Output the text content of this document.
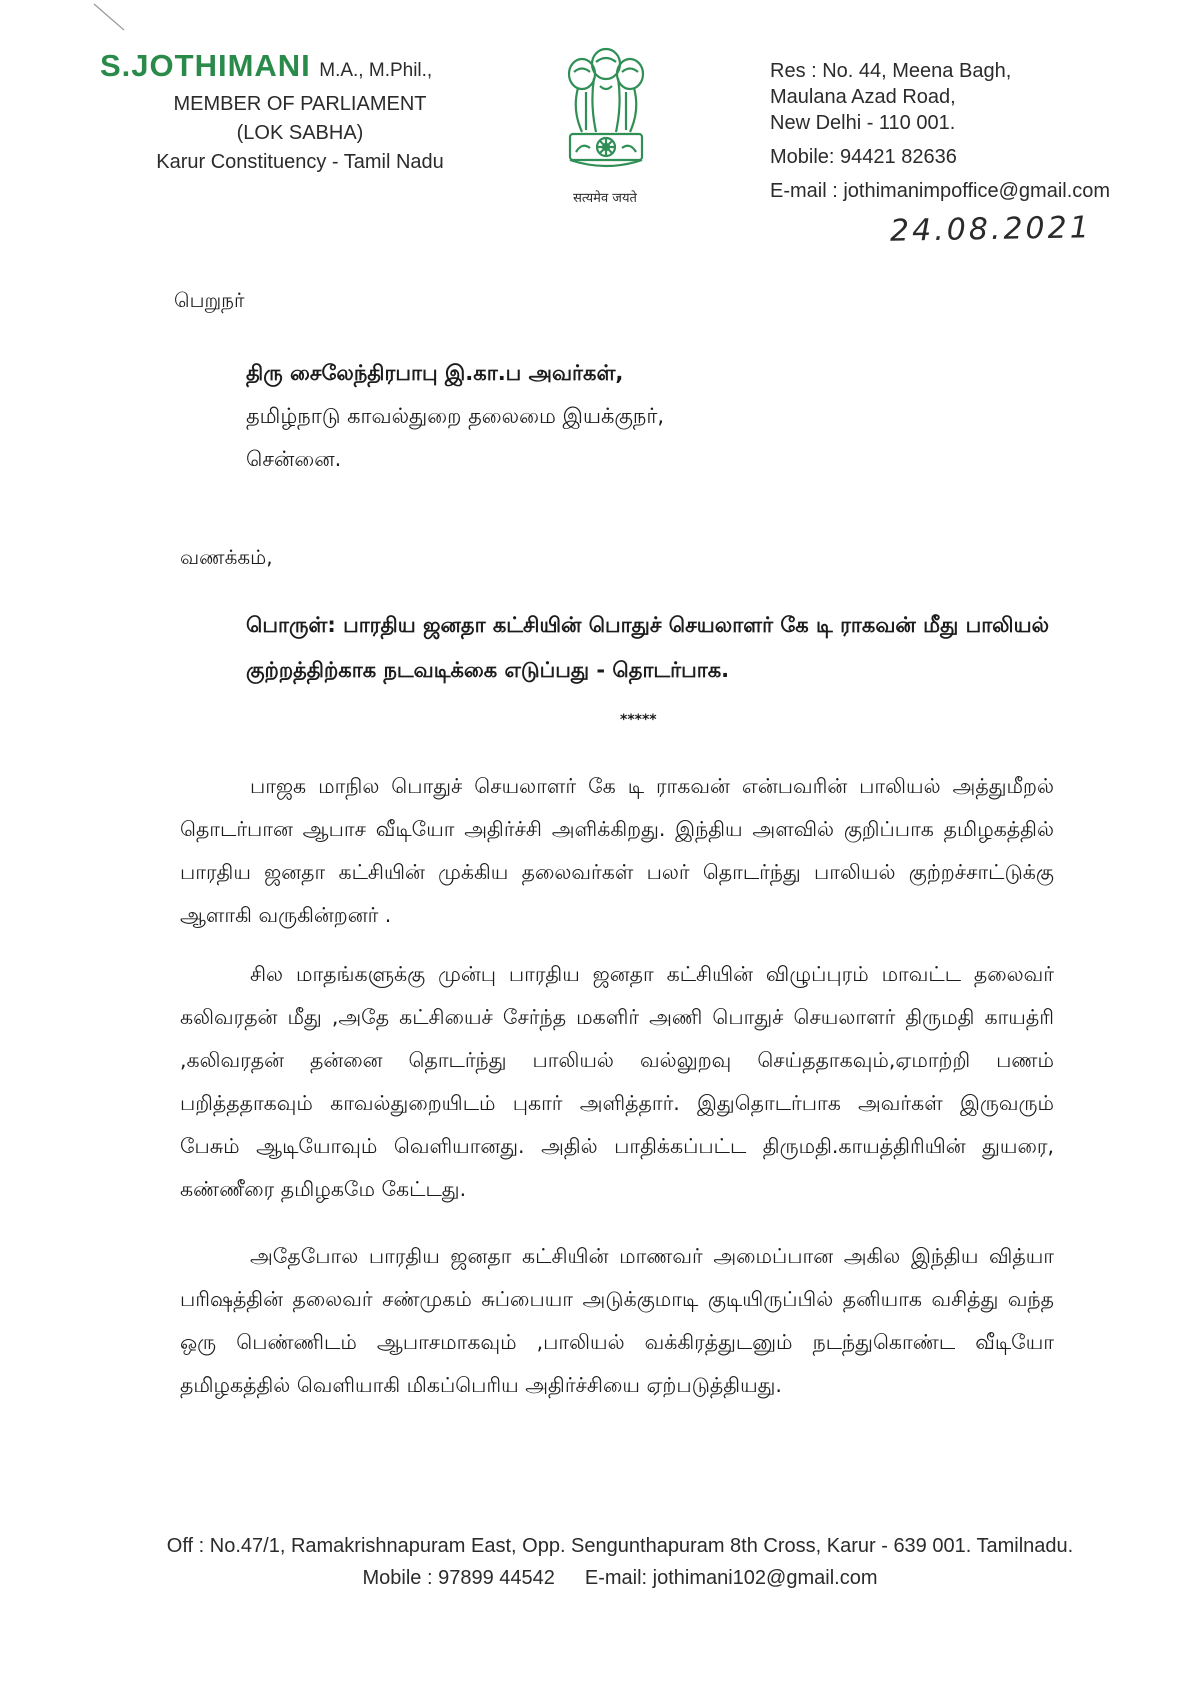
S.JOTHIMANI M.A., M.Phil.,
MEMBER OF PARLIAMENT
(LOK SABHA)
Karur Constituency - Tamil Nadu
सत्यमेव जयते
Res : No. 44, Meena Bagh,
Maulana Azad Road,
New Delhi - 110 001.
Mobile: 94421 82636
E-mail : jothimanimpoffice@gmail.com
24.08.2021
பெறுநர்
திரு சைலேந்திரபாபு இ.கா.ப அவர்கள்,
தமிழ்நாடு காவல்துறை தலைமை இயக்குநர்,
சென்னை.
வணக்கம்,
பொருள்: பாரதிய ஜனதா கட்சியின் பொதுச் செயலாளர் கே டி ராகவன் மீது பாலியல் குற்றத்திற்காக நடவடிக்கை எடுப்பது - தொடர்பாக.
*****

பாஜக மாநில பொதுச் செயலாளர் கே டி ராகவன் என்பவரின் பாலியல் அத்துமீறல் தொடர்பான ஆபாச வீடியோ அதிர்ச்சி அளிக்கிறது. இந்திய அளவில் குறிப்பாக தமிழகத்தில் பாரதிய ஜனதா கட்சியின் முக்கிய தலைவர்கள் பலர் தொடர்ந்து பாலியல் குற்றச்சாட்டுக்கு ஆளாகி வருகின்றனர் .

சில மாதங்களுக்கு முன்பு பாரதிய ஜனதா கட்சியின் விழுப்புரம் மாவட்ட தலைவர் கலிவரதன் மீது ,அதே கட்சியைச் சேர்ந்த மகளிர் அணி பொதுச் செயலாளர் திருமதி காயத்ரி ,கலிவரதன் தன்னை தொடர்ந்து பாலியல் வல்லுறவு செய்ததாகவும்,ஏமாற்றி பணம் பறித்ததாகவும் காவல்துறையிடம் புகார் அளித்தார். இதுதொடர்பாக அவர்கள் இருவரும் பேசும் ஆடியோவும் வெளியானது. அதில் பாதிக்கப்பட்ட திருமதி.காயத்திரியின் துயரை, கண்ணீரை தமிழகமே கேட்டது.

அதேபோல பாரதிய ஜனதா கட்சியின் மாணவர் அமைப்பான அகில இந்திய வித்யா பரிஷத்தின் தலைவர் சண்முகம் சுப்பையா அடுக்குமாடி குடியிருப்பில் தனியாக வசித்து வந்த ஒரு பெண்ணிடம் ஆபாசமாகவும் ,பாலியல் வக்கிரத்துடனும் நடந்துகொண்ட வீடியோ தமிழகத்தில் வெளியாகி மிகப்பெரிய அதிர்ச்சியை ஏற்படுத்தியது.

Off : No.47/1, Ramakrishnapuram East, Opp. Sengunthapuram 8th Cross, Karur - 639 001. Tamilnadu.
Mobile : 97899 44542 E-mail: jothimani102@gmail.com
